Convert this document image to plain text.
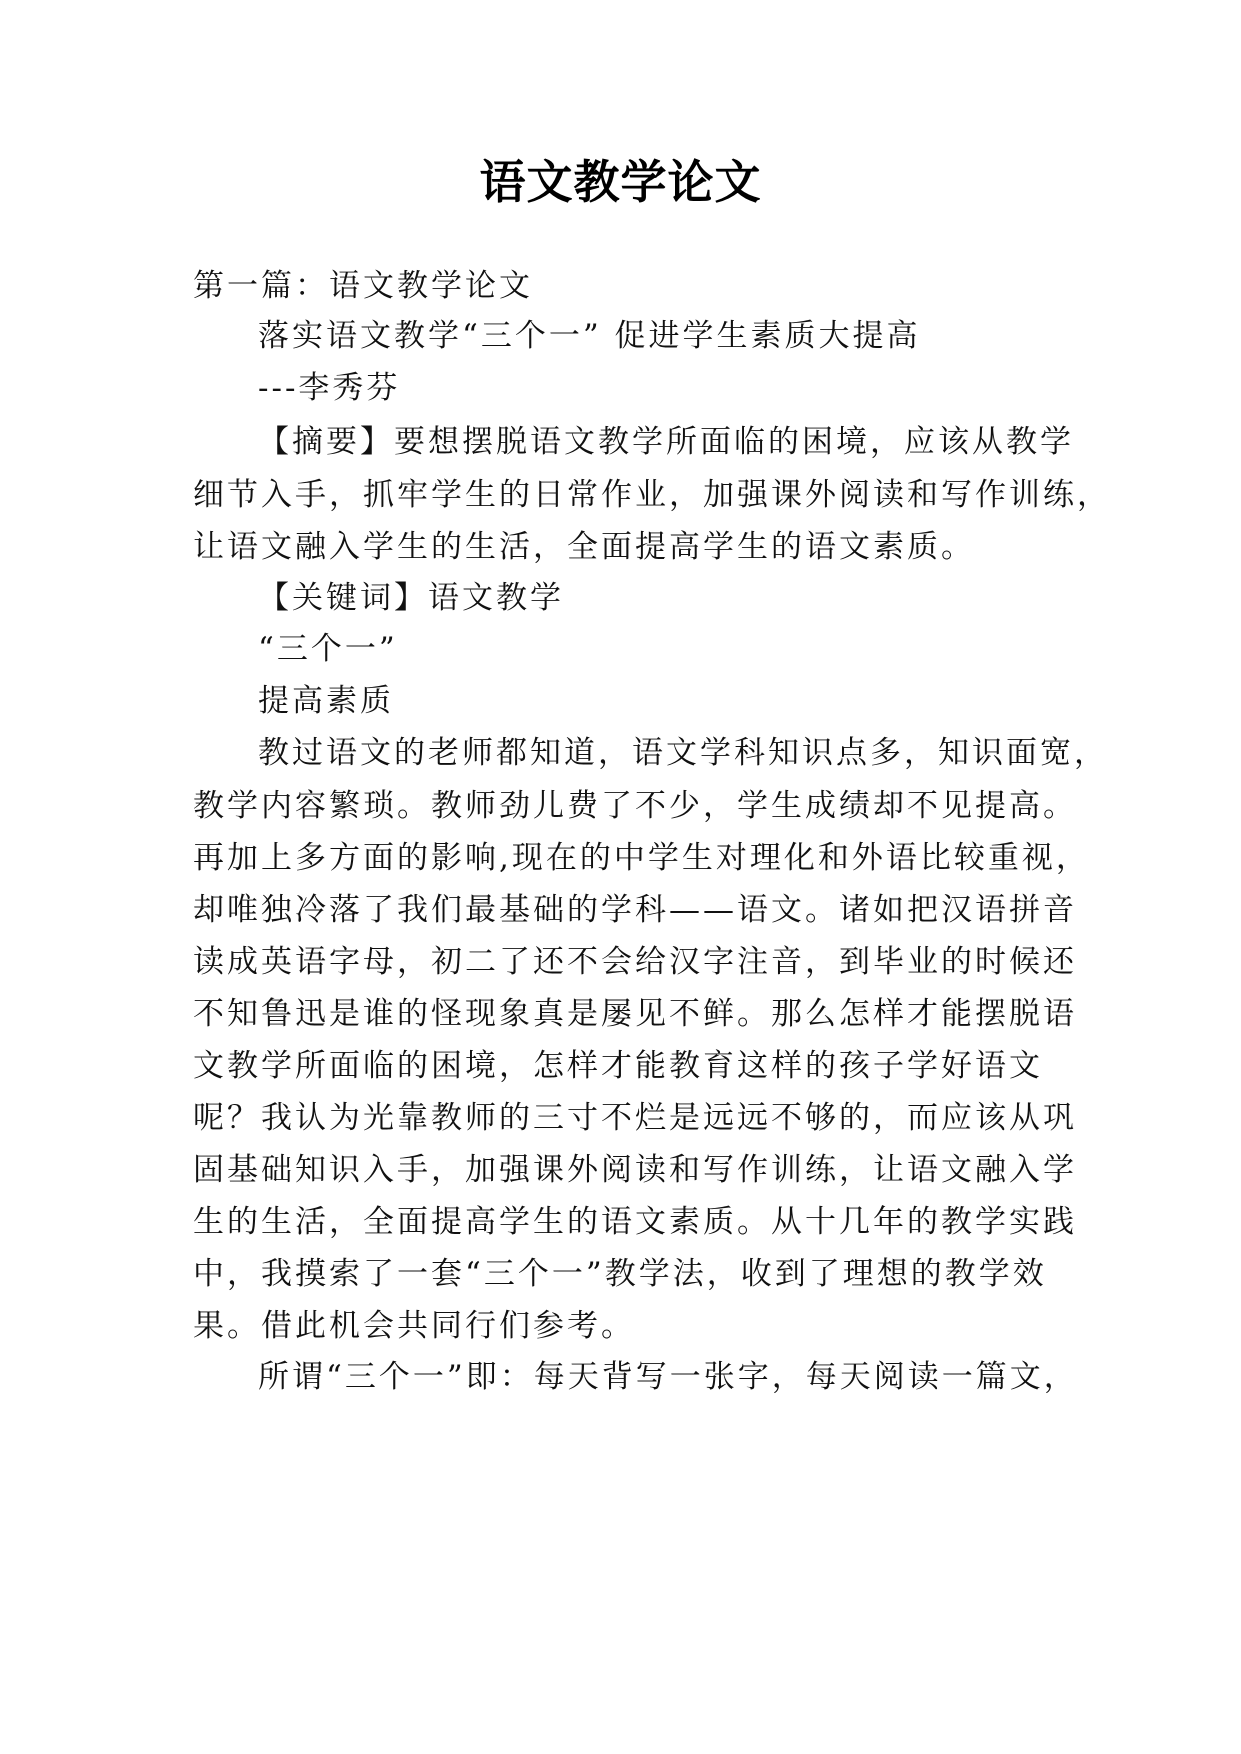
语文教学论文
第一篇：语文教学论文
落实语文教学“三个一” 促进学生素质大提高
---李秀芬
【摘要】要想摆脱语文教学所面临的困境，应该从教学
细节入手，抓牢学生的日常作业，加强课外阅读和写作训练，
让语文融入学生的生活，全面提高学生的语文素质。
【关键词】语文教学
“三个一”
提高素质
教过语文的老师都知道，语文学科知识点多，知识面宽，
教学内容繁琐。教师劲儿费了不少，学生成绩却不见提高。
再加上多方面的影响,现在的中学生对理化和外语比较重视，
却唯独冷落了我们最基础的学科——语文。诸如把汉语拼音
读成英语字母，初二了还不会给汉字注音，到毕业的时候还
不知鲁迅是谁的怪现象真是屡见不鲜。那么怎样才能摆脱语
文教学所面临的困境，怎样才能教育这样的孩子学好语文
呢？我认为光靠教师的三寸不烂是远远不够的，而应该从巩
固基础知识入手，加强课外阅读和写作训练，让语文融入学
生的生活，全面提高学生的语文素质。从十几年的教学实践
中，我摸索了一套“三个一”教学法，收到了理想的教学效
果。借此机会共同行们参考。
所谓“三个一”即：每天背写一张字，每天阅读一篇文，
